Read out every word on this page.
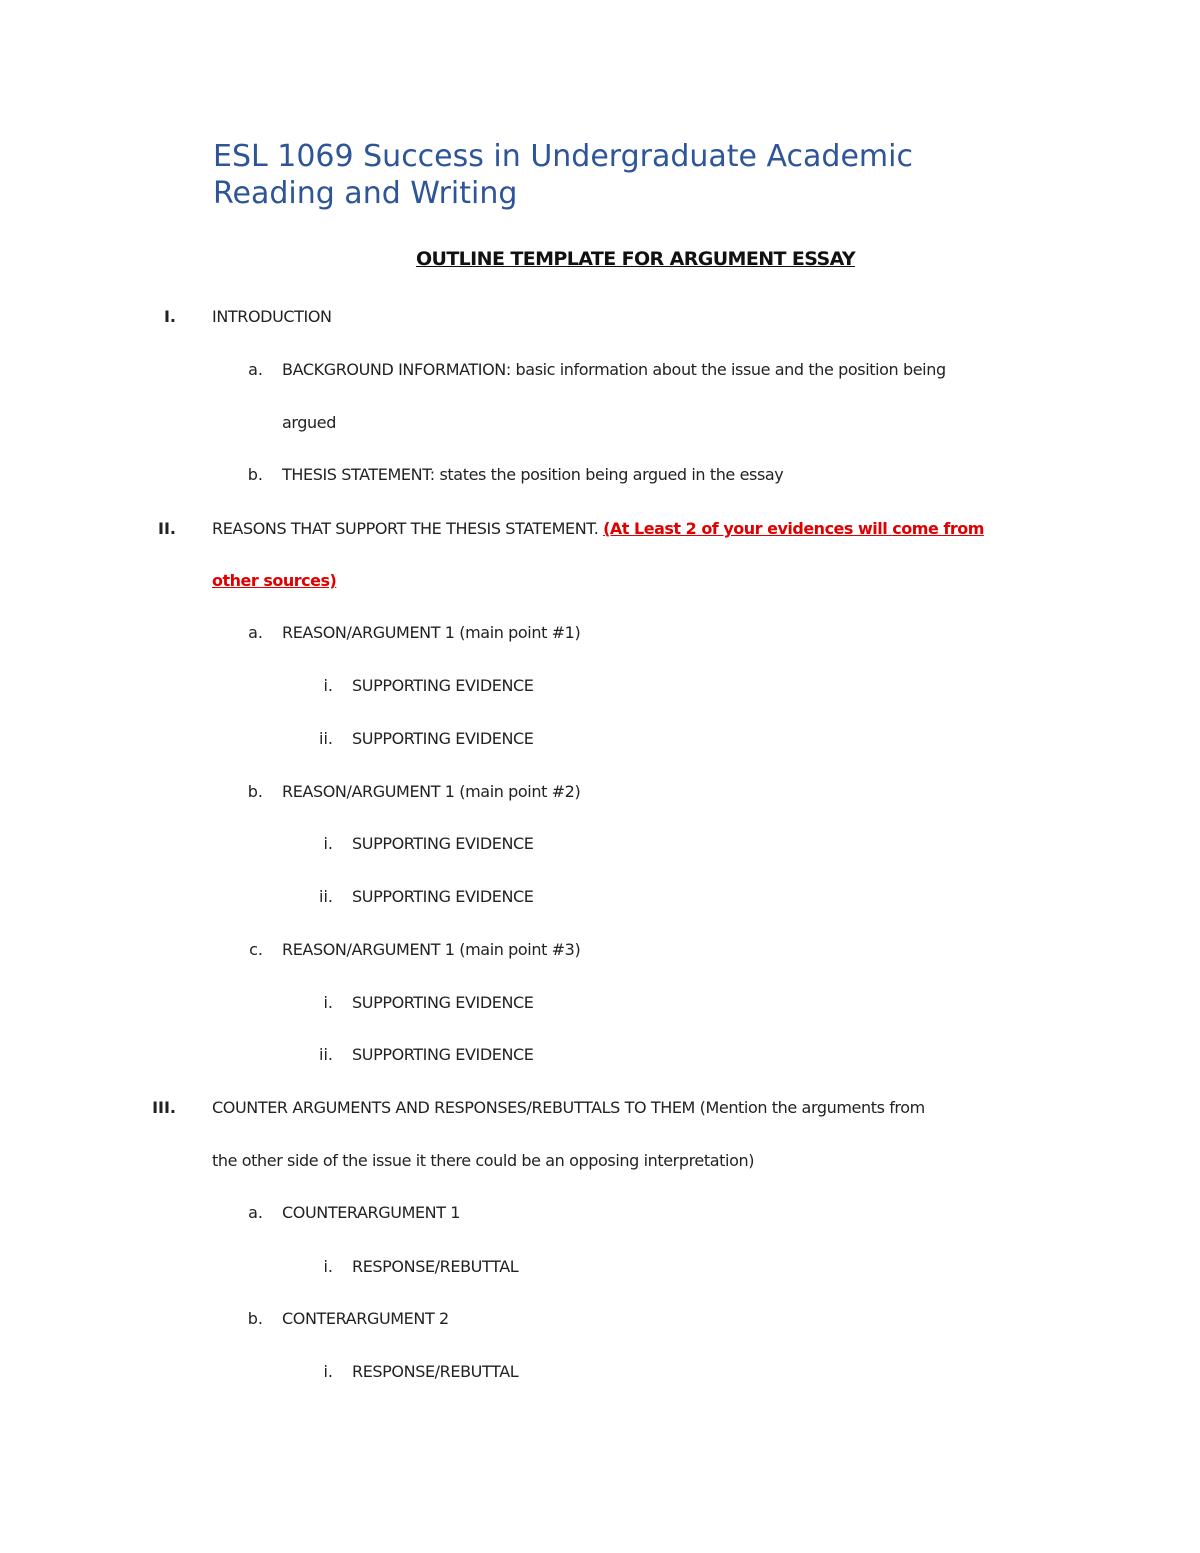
ESL 1069 Success in Undergraduate Academic Reading and Writing
OUTLINE TEMPLATE FOR ARGUMENT ESSAY
I. INTRODUCTION
a. BACKGROUND INFORMATION: basic information about the issue and the position being
argued
b. THESIS STATEMENT: states the position being argued in the essay
II. REASONS THAT SUPPORT THE THESIS STATEMENT. (At Least 2 of your evidences will come from
other sources)
a. REASON/ARGUMENT 1 (main point #1)
i. SUPPORTING EVIDENCE
ii. SUPPORTING EVIDENCE
b. REASON/ARGUMENT 1 (main point #2)
i. SUPPORTING EVIDENCE
ii. SUPPORTING EVIDENCE
c. REASON/ARGUMENT 1 (main point #3)
i. SUPPORTING EVIDENCE
ii. SUPPORTING EVIDENCE
III. COUNTER ARGUMENTS AND RESPONSES/REBUTTALS TO THEM (Mention the arguments from
the other side of the issue it there could be an opposing interpretation)
a. COUNTERARGUMENT 1
i. RESPONSE/REBUTTAL
b. CONTERARGUMENT 2
i. RESPONSE/REBUTTAL
